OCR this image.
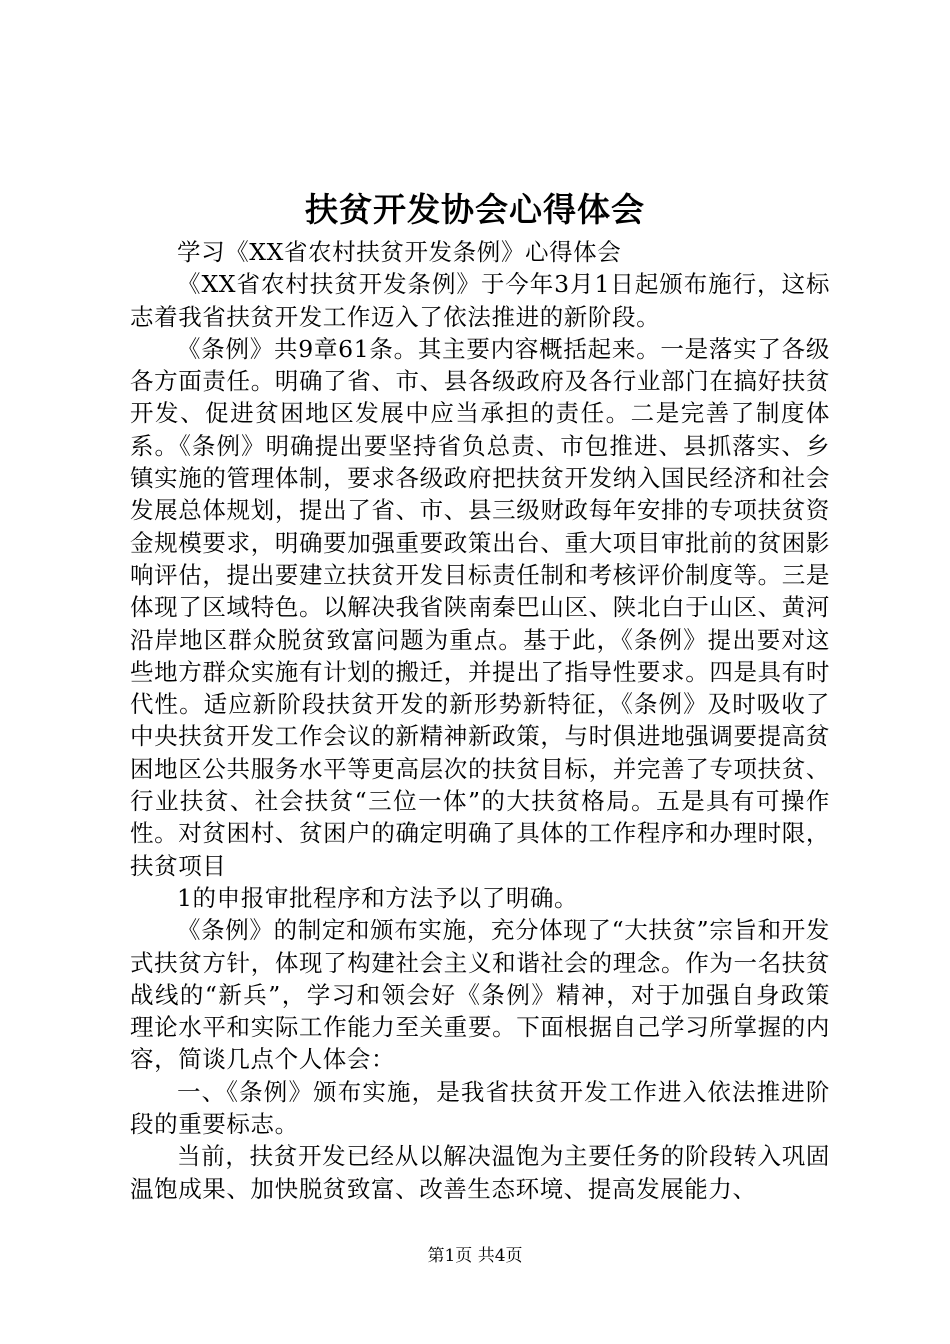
扶贫开发协会心得体会

学习《XX省农村扶贫开发条例》心得体会

《XX省农村扶贫开发条例》于今年3月1日起颁布施行，这标志着我省扶贫开发工作迈入了依法推进的新阶段。

《条例》共9章61条。其主要内容概括起来。一是落实了各级各方面责任。明确了省、市、县各级政府及各行业部门在搞好扶贫开发、促进贫困地区发展中应当承担的责任。二是完善了制度体系。《条例》明确提出要坚持省负总责、市包推进、县抓落实、乡镇实施的管理体制，要求各级政府把扶贫开发纳入国民经济和社会发展总体规划，提出了省、市、县三级财政每年安排的专项扶贫资金规模要求，明确要加强重要政策出台、重大项目审批前的贫困影响评估，提出要建立扶贫开发目标责任制和考核评价制度等。三是体现了区域特色。以解决我省陕南秦巴山区、陕北白于山区、黄河沿岸地区群众脱贫致富问题为重点。基于此，《条例》提出要对这些地方群众实施有计划的搬迁，并提出了指导性要求。四是具有时代性。适应新阶段扶贫开发的新形势新特征，《条例》及时吸收了中央扶贫开发工作会议的新精神新政策，与时俱进地强调要提高贫困地区公共服务水平等更高层次的扶贫目标，并完善了专项扶贫、行业扶贫、社会扶贫“三位一体”的大扶贫格局。五是具有可操作性。对贫困村、贫困户的确定明确了具体的工作程序和办理时限，扶贫项目

1的申报审批程序和方法予以了明确。

《条例》的制定和颁布实施，充分体现了“大扶贫”宗旨和开发式扶贫方针，体现了构建社会主义和谐社会的理念。作为一名扶贫战线的“新兵”，学习和领会好《条例》精神，对于加强自身政策理论水平和实际工作能力至关重要。下面根据自己学习所掌握的内容，简谈几点个人体会：

一、《条例》颁布实施，是我省扶贫开发工作进入依法推进阶段的重要标志。

当前，扶贫开发已经从以解决温饱为主要任务的阶段转入巩固温饱成果、加快脱贫致富、改善生态环境、提高发展能力、

第1页 共4页
